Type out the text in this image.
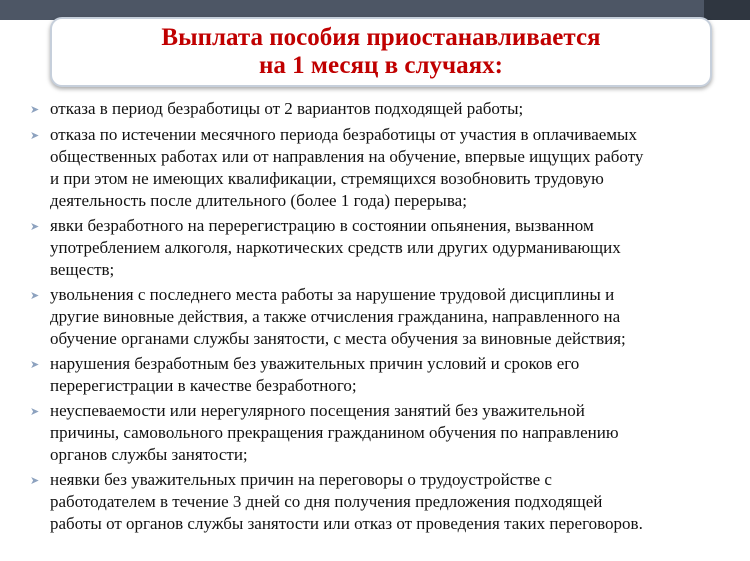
Выплата пособия приостанавливается
на 1 месяц в случаях:
➤ отказа в период безработицы от 2 вариантов подходящей работы;
➤ отказа по истечении месячного периода безработицы от участия в оплачиваемых
общественных работах или от направления на обучение, впервые ищущих работу
и при этом не имеющих квалификации, стремящихся возобновить трудовую
деятельность после длительного (более 1 года) перерыва;
➤ явки безработного на перерегистрацию в состоянии опьянения, вызванном
употреблением алкоголя, наркотических средств или других одурманивающих
веществ;
➤ увольнения с последнего места работы за нарушение трудовой дисциплины и
другие виновные действия, а также отчисления гражданина, направленного на
обучение органами службы занятости, с места обучения за виновные действия;
➤ нарушения безработным без уважительных причин условий и сроков его
перерегистрации в качестве безработного;
➤ неуспеваемости или нерегулярного посещения занятий без уважительной
причины, самовольного прекращения гражданином обучения по направлению
органов службы занятости;
➤ неявки без уважительных причин на переговоры о трудоустройстве с
работодателем в течение 3 дней со дня получения предложения подходящей
работы от органов службы занятости или отказ от проведения таких переговоров.
